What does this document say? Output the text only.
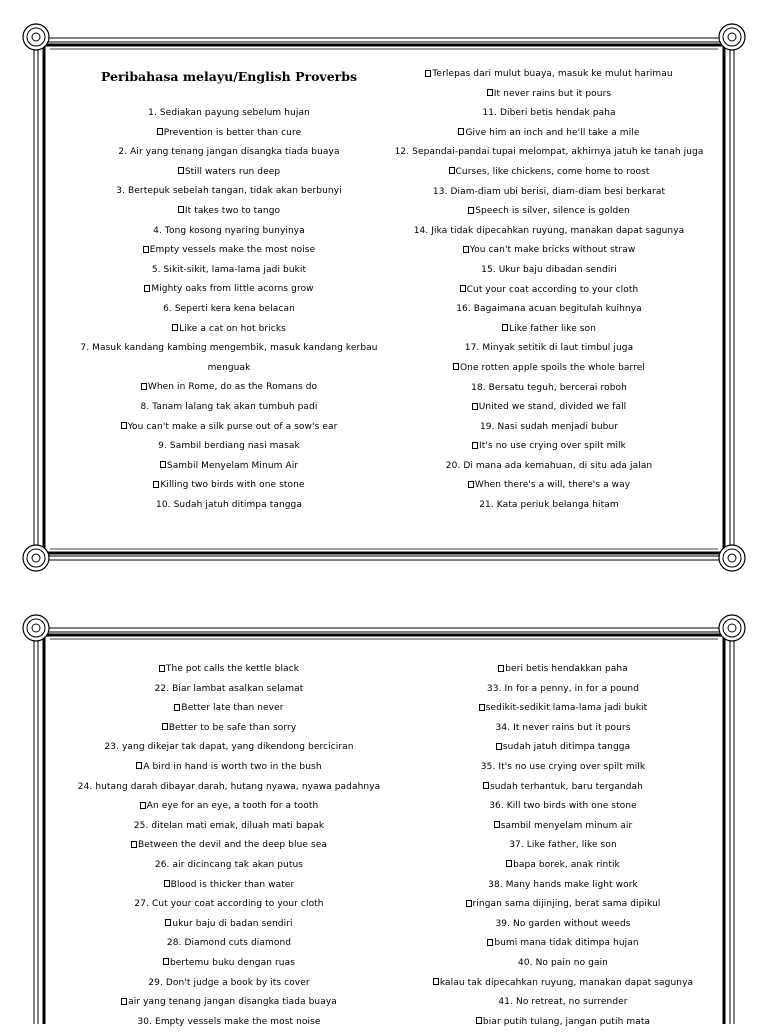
Peribahasa melayu/English Proverbs
1. Sediakan payung sebelum hujan
Prevention is better than cure
2. Air yang tenang jangan disangka tiada buaya
Still waters run deep
3. Bertepuk sebelah tangan, tidak akan berbunyi
It takes two to tango
4. Tong kosong nyaring bunyinya
Empty vessels make the most noise
5. Sikit-sikit, lama-lama jadi bukit
Mighty oaks from little acorns grow
6. Seperti kera kena belacan
Like a cat on hot bricks
7. Masuk kandang kambing mengembik, masuk kandang kerbau
menguak
When in Rome, do as the Romans do
8. Tanam lalang tak akan tumbuh padi
You can't make a silk purse out of a sow's ear
9. Sambil berdiang nasi masak
Sambil Menyelam Minum Air
Killing two birds with one stone
10. Sudah jatuh ditimpa tangga
Terlepas dari mulut buaya, masuk ke mulut harimau
It never rains but it pours
11. Diberi betis hendak paha
Give him an inch and he'll take a mile
12. Sepandai-pandai tupai melompat, akhirnya jatuh ke tanah juga
Curses, like chickens, come home to roost
13. Diam-diam ubi berisi, diam-diam besi berkarat
Speech is silver, silence is golden
14. Jika tidak dipecahkan ruyung, manakan dapat sagunya
You can't make bricks without straw
15. Ukur baju dibadan sendiri
Cut your coat according to your cloth
16. Bagaimana acuan begitulah kuihnya
Like father like son
17. Minyak setitik di laut timbul juga
One rotten apple spoils the whole barrel
18. Bersatu teguh, bercerai roboh
United we stand, divided we fall
19. Nasi sudah menjadi bubur
It's no use crying over spilt milk
20. Di mana ada kemahuan, di situ ada jalan
When there's a will, there's a way
21. Kata periuk belanga hitam
The pot calls the kettle black
22. Biar lambat asalkan selamat
Better late than never
Better to be safe than sorry
23. yang dikejar tak dapat, yang dikendong berciciran
A bird in hand is worth two in the bush
24. hutang darah dibayar darah, hutang nyawa, nyawa padahnya
An eye for an eye, a tooth for a tooth
25. ditelan mati emak, diluah mati bapak
Between the devil and the deep blue sea
26. air dicincang tak akan putus
Blood is thicker than water
27. Cut your coat according to your cloth
ukur baju di badan sendiri
28. Diamond cuts diamond
bertemu buku dengan ruas
29. Don't judge a book by its cover
air yang tenang jangan disangka tiada buaya
30. Empty vessels make the most noise
beri betis hendakkan paha
33. In for a penny, in for a pound
sedikit-sedikit lama-lama jadi bukit
34. It never rains but it pours
sudah jatuh ditimpa tangga
35. It's no use crying over spilt milk
sudah terhantuk, baru tergandah
36. Kill two birds with one stone
sambil menyelam minum air
37. Like father, like son
bapa borek, anak rintik
38. Many hands make light work
ringan sama dijinjing, berat sama dipikul
39. No garden without weeds
bumi mana tidak ditimpa hujan
40. No pain no gain
kalau tak dipecahkan ruyung, manakan dapat sagunya
41. No retreat, no surrender
biar putih tulang, jangan putih mata
